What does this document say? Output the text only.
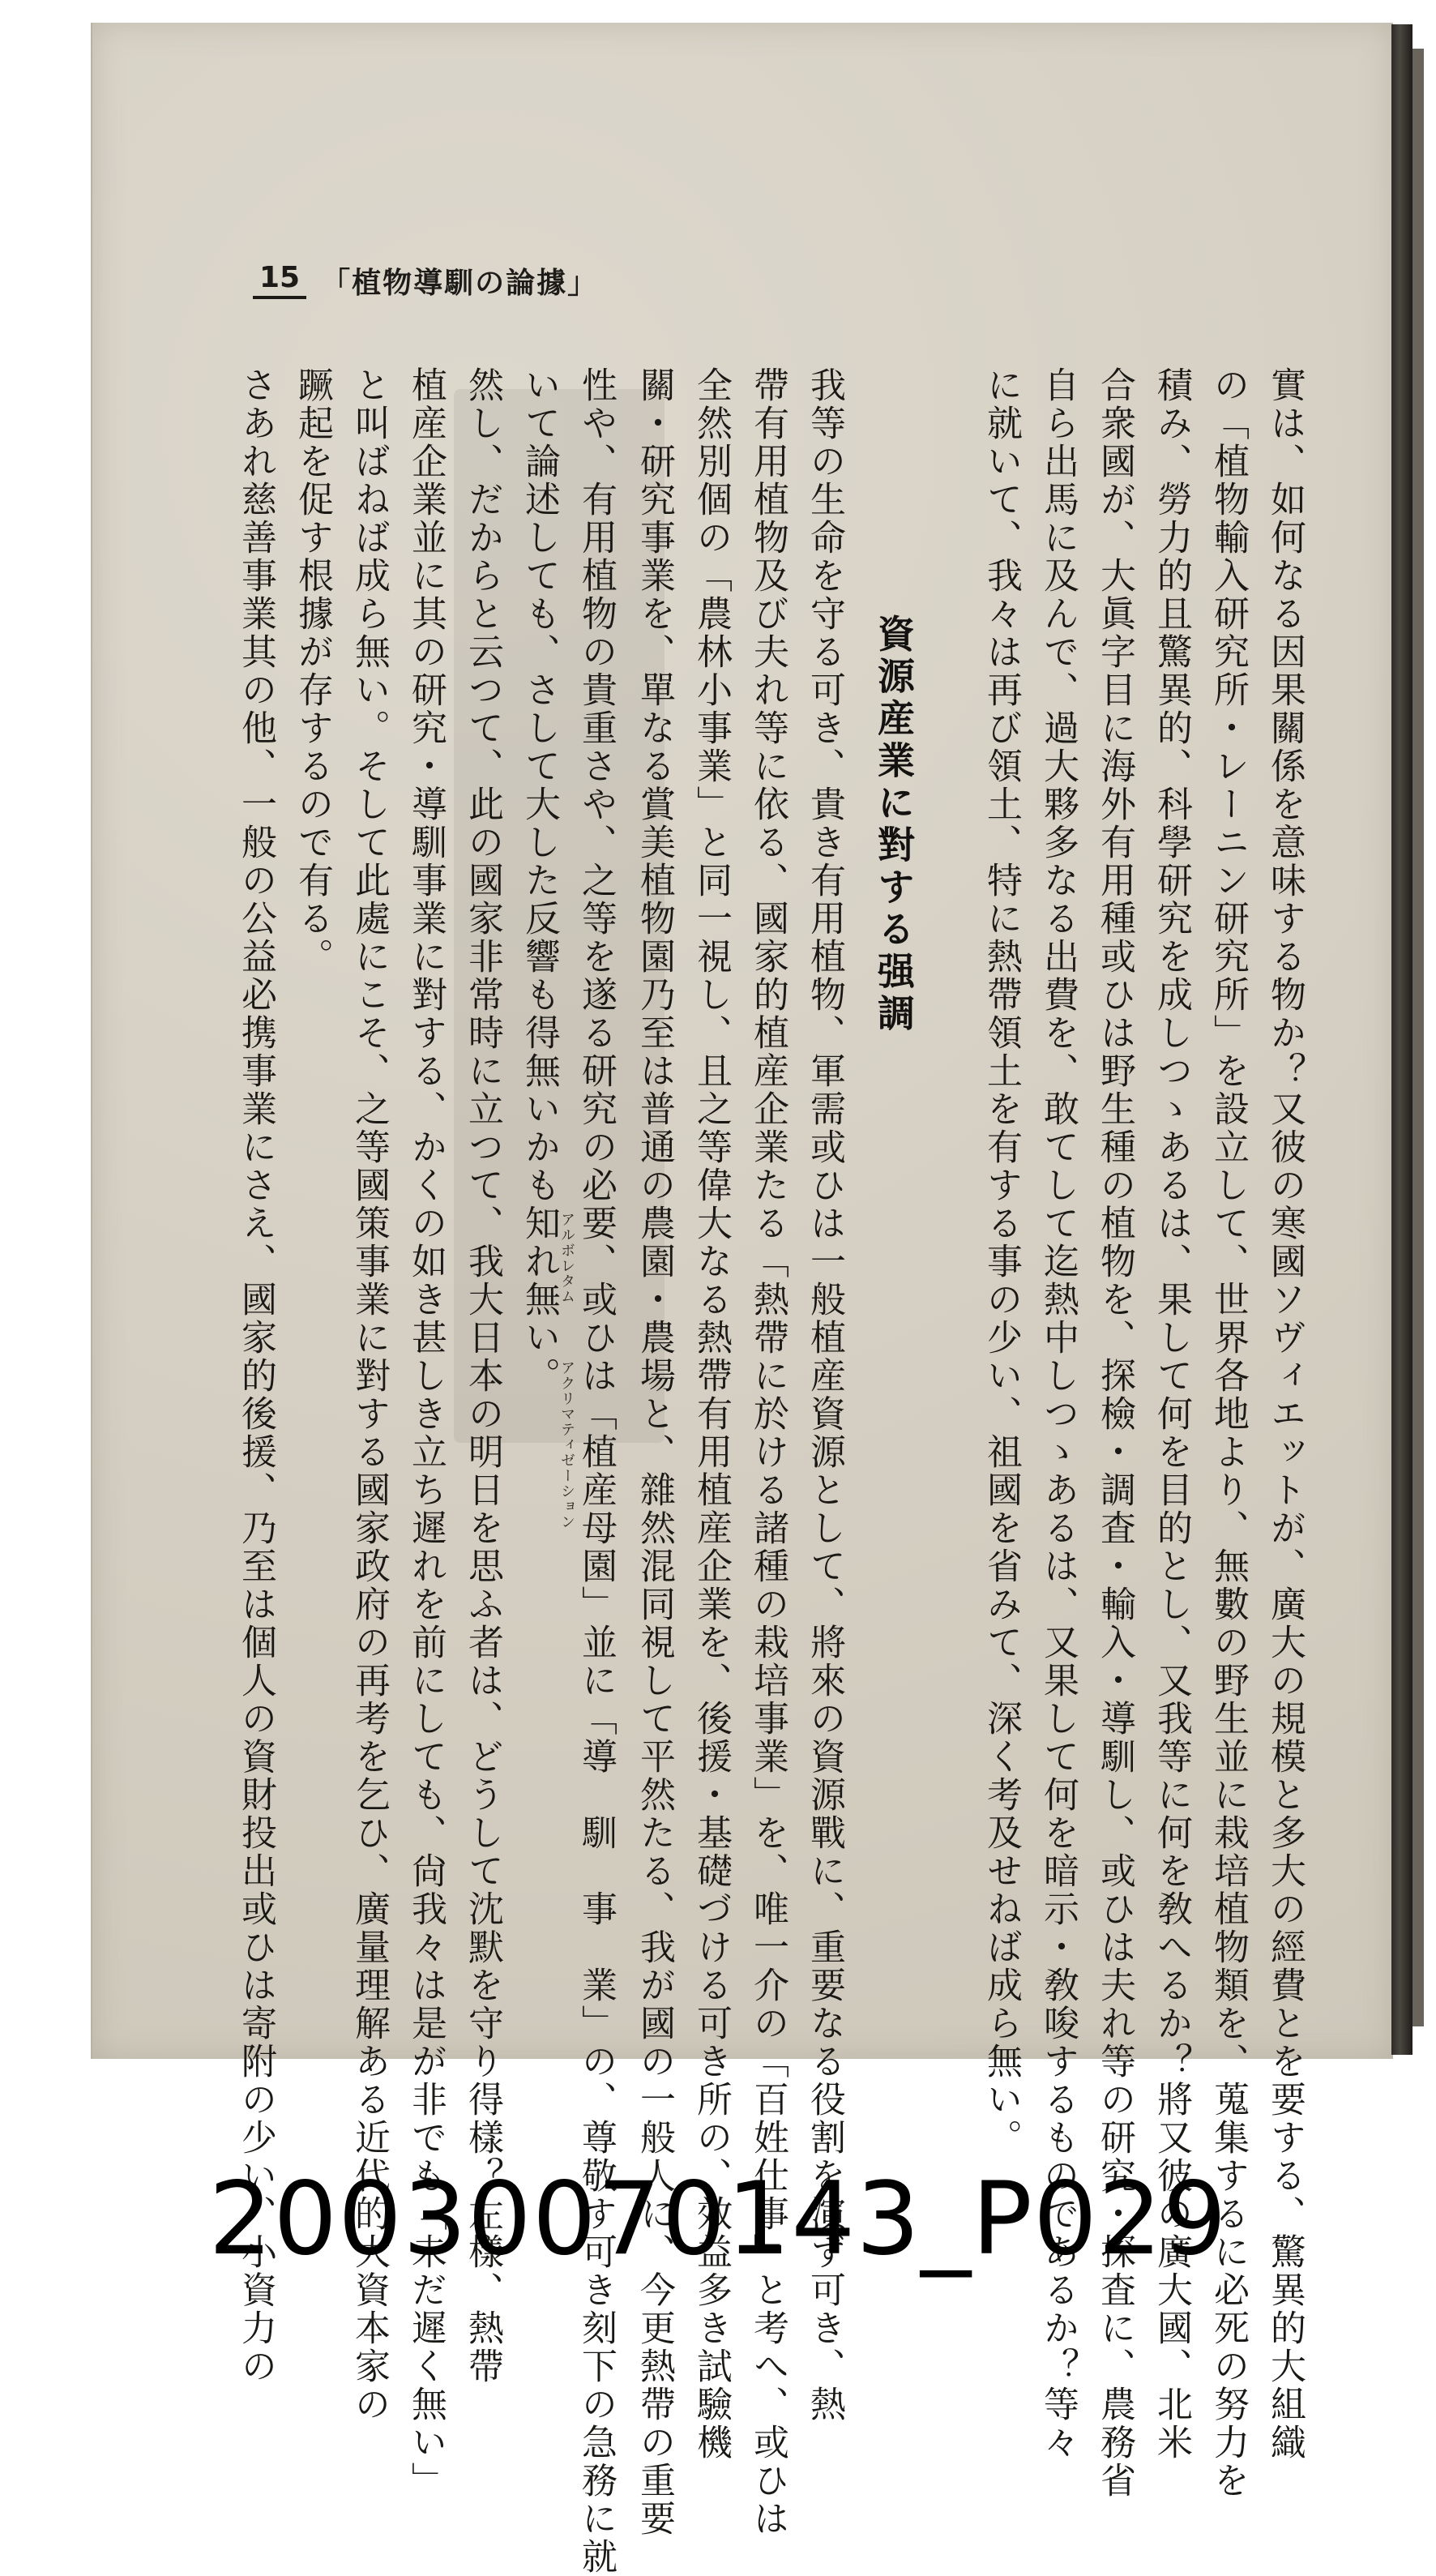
15 「植物導馴の論據」
資源産業に對する强調	實は、如何なる因果關係を意味する物か？又彼の寒國ソヴィエットが、廣大の規模と多大の經費とを要する、驚異的大組織
の「植物輸入研究所・レーニン研究所」を設立して、世界各地より、無數の野生並に栽培植物類を、蒐集するに必死の努力を
積み、勞力的且驚異的、科學研究を成しつゝあるは、果して何を目的とし、又我等に何を敎へるか？將又彼の廣大國、北米
合衆國が、大眞字目に海外有用種或ひは野生種の植物を、探檢・調査・輸入・導馴し、或ひは夫れ等の研究・探査に、農務省
自ら出馬に及んで、過大夥多なる出費を、敢てして迄熱中しつゝあるは、又果して何を暗示・敎唆するものであるか？等々
に就いて、我々は再び領土、特に熱帶領土を有する事の少い、祖國を省みて、深く考及せねば成ら無い。
我等の生命を守る可き、貴き有用植物、軍需或ひは一般植産資源として、將來の資源戰に、重要なる役割を演ず可き、熱
帶有用植物及び夫れ等に依る、國家的植産企業たる「熱帶に於ける諸種の栽培事業」を、唯一介の「百姓仕事」と考へ、或ひは
全然別個の「農林小事業」と同一視し、且之等偉大なる熱帶有用植産企業を、後援・基礎づける可き所の、效益多き試驗機
關・研究事業を、單なる賞美植物園乃至は普通の農園・農場と、雜然混同視して平然たる、我が國の一般人に、今更熱帶の重要
性や、有用植物の貴重さや、之等を遂る研究の必要、或ひは「植産母園」並に「導　馴　事　業」の、尊敬す可き刻下の急務に就
いて論述しても、さして大した反響も得無いかも知れ無い。
然し、だからと云つて、此の國家非常時に立つて、我大日本の明日を思ふ者は、どうして沈默を守り得樣？左樣、熱帶
植産企業並に其の研究・導馴事業に對する、かくの如き甚しき立ち遲れを前にしても、尙我々は是が非でも「未だ遲く無い」
と叫ばねば成ら無い。そして此處にこそ、之等國策事業に對する國家政府の再考を乞ひ、廣量理解ある近代的大資本家の
蹶起を促す根據が存するので有る。
さあれ慈善事業其の他、一般の公益必携事業にさえ、國家的後援、乃至は個人の資財投出或ひは寄附の少い、小資力の	アルボレタム
アクリマティゼーション
20030070143_P029
